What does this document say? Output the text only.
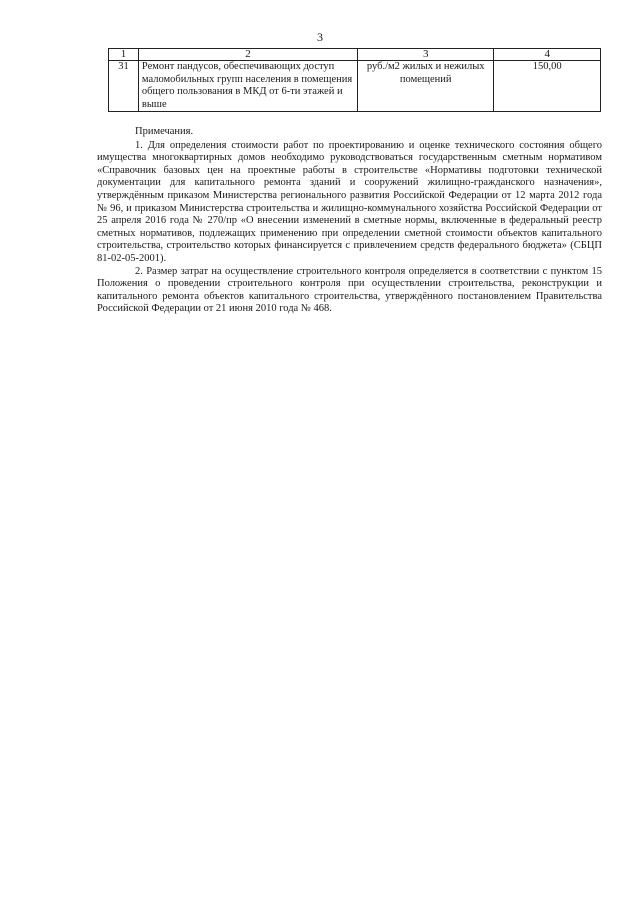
3
1	2	3	4
31	Ремонт пандусов, обеспечивающих доступ маломобильных групп населения в помещения общего пользования в МКД от 6-ти этажей и выше	руб./м2 жилых и нежилых помещений	150,00

Примечания.

1. Для определения стоимости работ по проектированию и оценке технического состояния общего имущества многоквартирных домов необходимо руководствоваться государственным сметным нормативом «Справочник базовых цен на проектные работы в строительстве «Нормативы подготовки технической документации для капитального ремонта зданий и сооружений жилищно-гражданского назначения», утверждённым приказом Министерства регионального развития Российской Федерации от 12 марта 2012 года № 96, и приказом Министерства строительства и жилищно-коммунального хозяйства Российской Федерации от 25 апреля 2016 года № 270/пр «О внесении изменений в сметные нормы, включенные в федеральный реестр сметных нормативов, подлежащих применению при определении сметной стоимости объектов капитального строительства, строительство которых финансируется с привлечением средств федерального бюджета» (СБЦП 81-02-05-2001).

2. Размер затрат на осуществление строительного контроля определяется в соответствии с пунктом 15 Положения о проведении строительного контроля при осуществлении строительства, реконструкции и капитального ремонта объектов капитального строительства, утверждённого постановлением Правительства Российской Федерации от 21 июня 2010 года № 468.
